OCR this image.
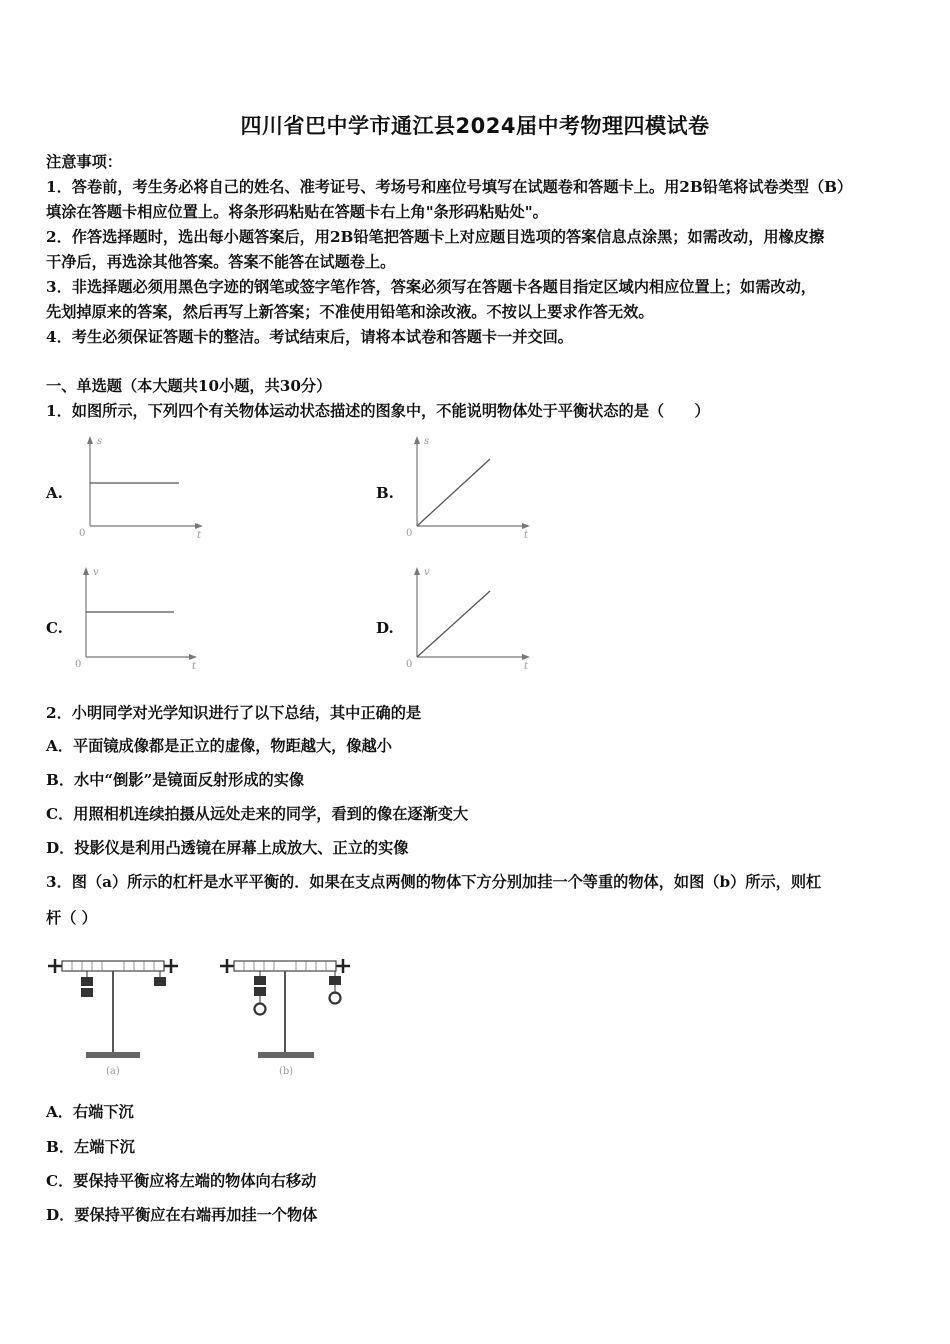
四川省巴中学市通江县2024届中考物理四模试卷
注意事项：
1．答卷前，考生务必将自己的姓名、准考证号、考场号和座位号填写在试题卷和答题卡上。用2B铅笔将试卷类型（B）
填涂在答题卡相应位置上。将条形码粘贴在答题卡右上角"条形码粘贴处"。
2．作答选择题时，选出每小题答案后，用2B铅笔把答题卡上对应题目选项的答案信息点涂黑；如需改动，用橡皮擦
干净后，再选涂其他答案。答案不能答在试题卷上。
3．非选择题必须用黑色字迹的钢笔或签字笔作答，答案必须写在答题卡各题目指定区域内相应位置上；如需改动，
先划掉原来的答案，然后再写上新答案；不准使用铅笔和涂改液。不按以上要求作答无效。
4．考生必须保证答题卡的整洁。考试结束后，请将本试卷和答题卡一并交回。
一、单选题（本大题共10小题，共30分）
1．如图所示，下列四个有关物体运动状态描述的图象中，不能说明物体处于平衡状态的是（　　）
A.
s
t
0
B.
s
t
0
C.
v
t
0
D.
v
t
0
2．小明同学对光学知识进行了以下总结，其中正确的是
A．平面镜成像都是正立的虚像，物距越大，像越小
B．水中“倒影”是镜面反射形成的实像
C．用照相机连续拍摄从远处走来的同学，看到的像在逐渐变大
D．投影仪是利用凸透镜在屏幕上成放大、正立的实像
3．图（a）所示的杠杆是水平平衡的．如果在支点两侧的物体下方分别加挂一个等重的物体，如图（b）所示，则杠
杆（ ）
(a)	(b)
A．右端下沉
B．左端下沉
C．要保持平衡应将左端的物体向右移动
D．要保持平衡应在右端再加挂一个物体
